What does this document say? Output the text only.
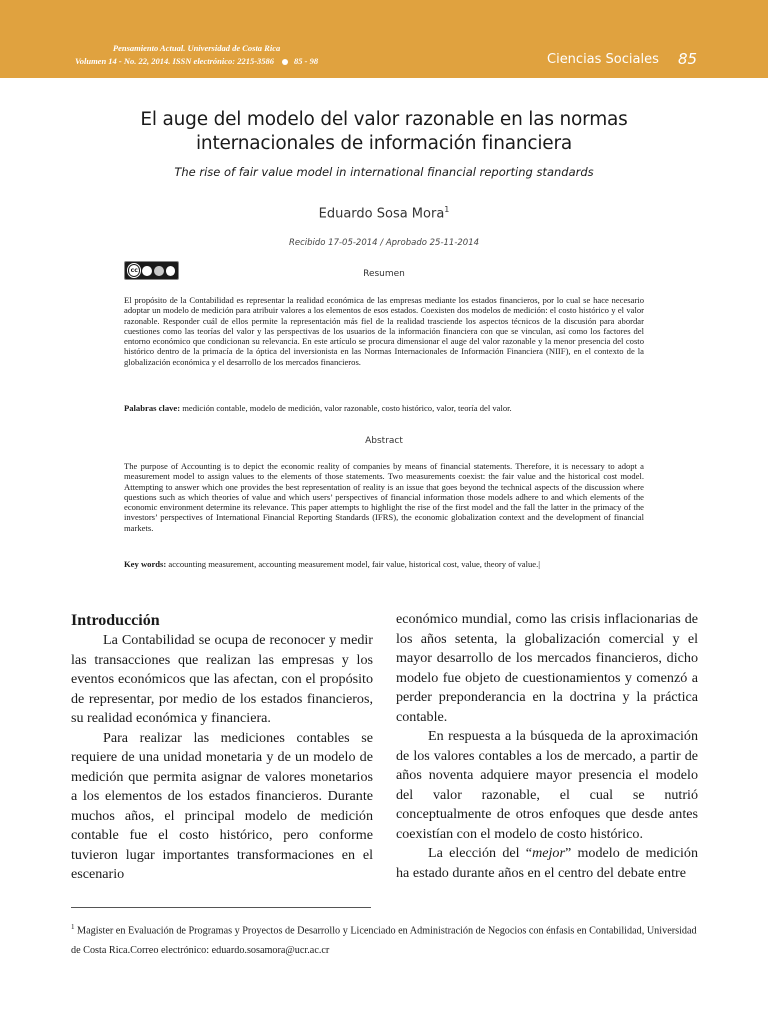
Pensamiento Actual. Universidad de Costa Rica
Volumen 14 - No. 22, 2014. ISSN electrónico: 2215-3586 85 - 98	Ciencias Sociales 85
El auge del modelo del valor razonable en las normas
internacionales de información financiera
The rise of fair value model in international financial reporting standards
Eduardo Sosa Mora$^1$
Recibido 17-05-2014 / Aprobado 25-11-2014
cc	Resumen
El propósito de la Contabilidad es representar la realidad económica de las empresas mediante los estados financieros, por lo cual se hace necesario adoptar un modelo de medición para atribuir valores a los elementos de esos estados. Coexisten dos modelos de medición: el costo histórico y el valor razonable. Responder cuál de ellos permite la representación más fiel de la realidad trasciende los aspectos técnicos de la discusión para abordar cuestiones como las teorías del valor y las perspectivas de los usuarios de la información financiera con que se vinculan, así como los factores del entorno económico que condicionan su relevancia. En este artículo se procura dimensionar el auge del valor razonable y la menor presencia del costo histórico dentro de la primacía de la óptica del inversionista en las Normas Internacionales de Información Financiera (NIIF), en el contexto de la globalización económica y el desarrollo de los mercados financieros.
Palabras clave: medición contable, modelo de medición, valor razonable, costo histórico, valor, teoría del valor.
Abstract
The purpose of Accounting is to depict the economic reality of companies by means of financial statements. Therefore, it is necessary to adopt a measurement model to assign values to the elements of those statements. Two measurements coexist: the fair value and the historical cost model. Attempting to answer which one provides the best representation of reality is an issue that goes beyond the technical aspects of the discussion where questions such as which theories of value and which users’ perspectives of financial information those models adhere to and which elements of the economic environment determine its relevance. This paper attempts to highlight the rise of the first model and the fall the latter in the primacy of the investors’ perspectives of International Financial Reporting Standards (IFRS), the economic globalization context and the development of financial markets.
Key words: accounting measurement, accounting measurement model, fair value, historical cost, value, theory of value.|
Introducción

La Contabilidad se ocupa de reconocer y medir las transacciones que realizan las empresas y los eventos económicos que las afectan, con el propósito de representar, por medio de los estados financieros, su realidad económica y financiera.

Para realizar las mediciones contables se requiere de una unidad monetaria y de un modelo de medición que permita asignar de valores monetarios a los elementos de los estados financieros. Durante muchos años, el principal modelo de medición contable fue el costo histórico, pero conforme tuvieron lugar importantes transformaciones en el escenario

económico mundial, como las crisis inflacionarias de los años setenta, la globalización comercial y el mayor desarrollo de los mercados financieros, dicho modelo fue objeto de cuestionamientos y comenzó a perder preponderancia en la doctrina y la práctica contable.

En respuesta a la búsqueda de la aproximación de los valores contables a los de mercado, a partir de años noventa adquiere mayor presencia el modelo del valor razonable, el cual se nutrió conceptualmente de otros enfoques que desde antes coexistían con el modelo de costo histórico.

La elección del “mejor” modelo de medición ha estado durante años en el centro del debate entre

$^1$ Magister en Evaluación de Programas y Proyectos de Desarrollo y Licenciado en Administración de Negocios con énfasis en Contabilidad, Universidad de Costa Rica.Correo electrónico: eduardo.sosamora@ucr.ac.cr
